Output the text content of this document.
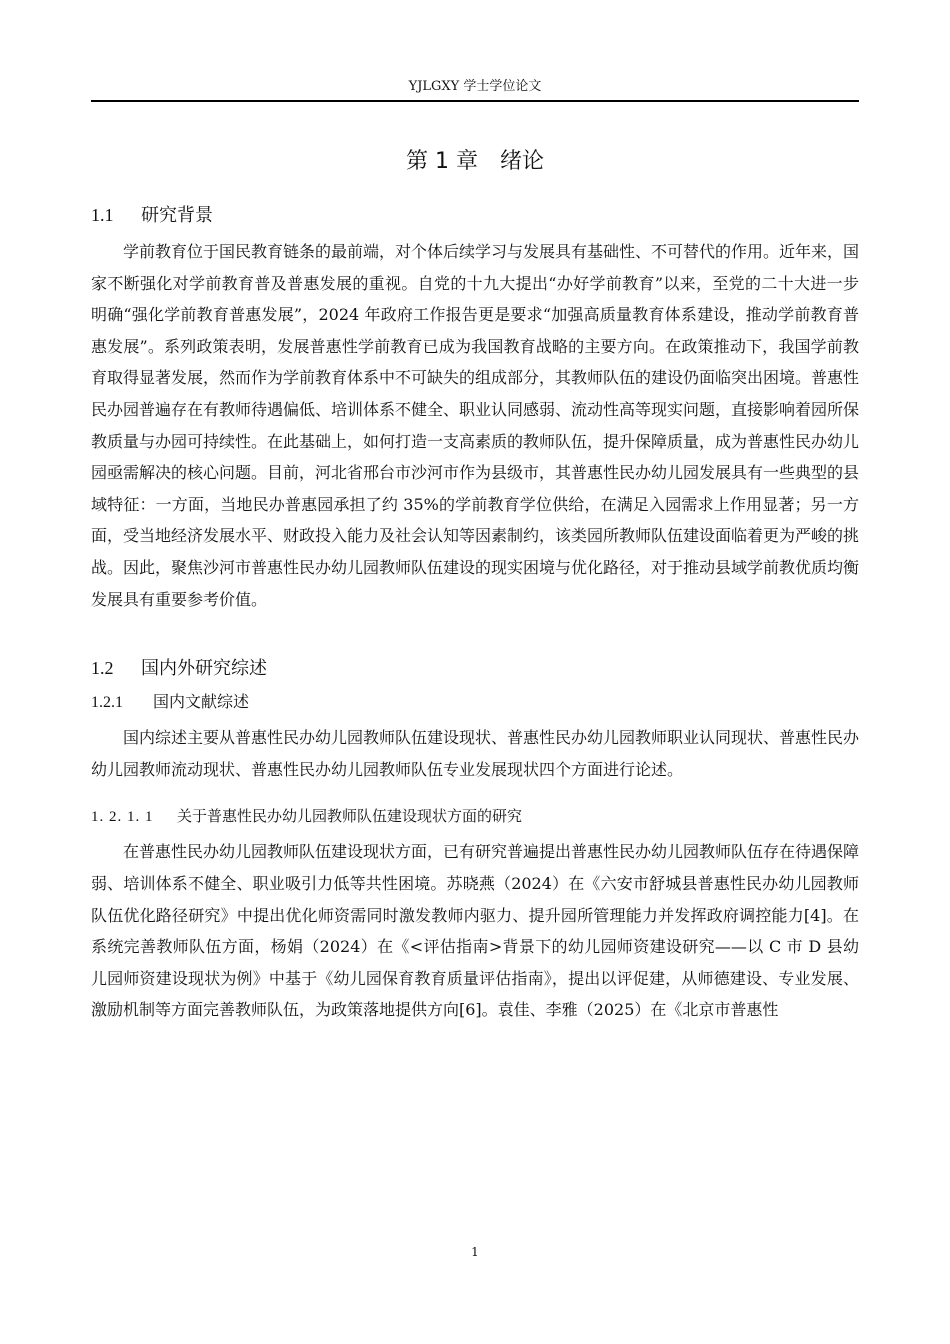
YJLGXY 学士学位论文
第 1 章　绪论
1.1 研究背景

学前教育位于国民教育链条的最前端，对个体后续学习与发展具有基础性、不可替代的作用。近年来，国家不断强化对学前教育普及普惠发展的重视。自党的十九大提出“办好学前教育”以来，至党的二十大进一步明确“强化学前教育普惠发展”，2024 年政府工作报告更是要求“加强高质量教育体系建设，推动学前教育普惠发展”。系列政策表明，发展普惠性学前教育已成为我国教育战略的主要方向。在政策推动下，我国学前教育取得显著发展，然而作为学前教育体系中不可缺失的组成部分，其教师队伍的建设仍面临突出困境。普惠性民办园普遍存在有教师待遇偏低、培训体系不健全、职业认同感弱、流动性高等现实问题，直接影响着园所保教质量与办园可持续性。在此基础上，如何打造一支高素质的教师队伍，提升保障质量，成为普惠性民办幼儿园亟需解决的核心问题。目前，河北省邢台市沙河市作为县级市，其普惠性民办幼儿园发展具有一些典型的县域特征：一方面，当地民办普惠园承担了约 35%的学前教育学位供给，在满足入园需求上作用显著；另一方面，受当地经济发展水平、财政投入能力及社会认知等因素制约，该类园所教师队伍建设面临着更为严峻的挑战。因此，聚焦沙河市普惠性民办幼儿园教师队伍建设的现实困境与优化路径，对于推动县域学前教优质均衡发展具有重要参考价值。

1.2 国内外研究综述
1.2.1 国内文献综述

国内综述主要从普惠性民办幼儿园教师队伍建设现状、普惠性民办幼儿园教师职业认同现状、普惠性民办幼儿园教师流动现状、普惠性民办幼儿园教师队伍专业发展现状四个方面进行论述。

1. 2. 1. 1 关于普惠性民办幼儿园教师队伍建设现状方面的研究

在普惠性民办幼儿园教师队伍建设现状方面，已有研究普遍提出普惠性民办幼儿园教师队伍存在待遇保障弱、培训体系不健全、职业吸引力低等共性困境。苏晓燕（2024）在《六安市舒城县普惠性民办幼儿园教师队伍优化路径研究》中提出优化师资需同时激发教师内驱力、提升园所管理能力并发挥政府调控能力[4]。在系统完善教师队伍方面，杨娟（2024）在《<评估指南>背景下的幼儿园师资建设研究——以 C 市 D 县幼儿园师资建设现状为例》中基于《幼儿园保育教育质量评估指南》，提出以评促建，从师德建设、专业发展、激励机制等方面完善教师队伍，为政策落地提供方向[6]。袁佳、李雅（2025）在《北京市普惠性

1
